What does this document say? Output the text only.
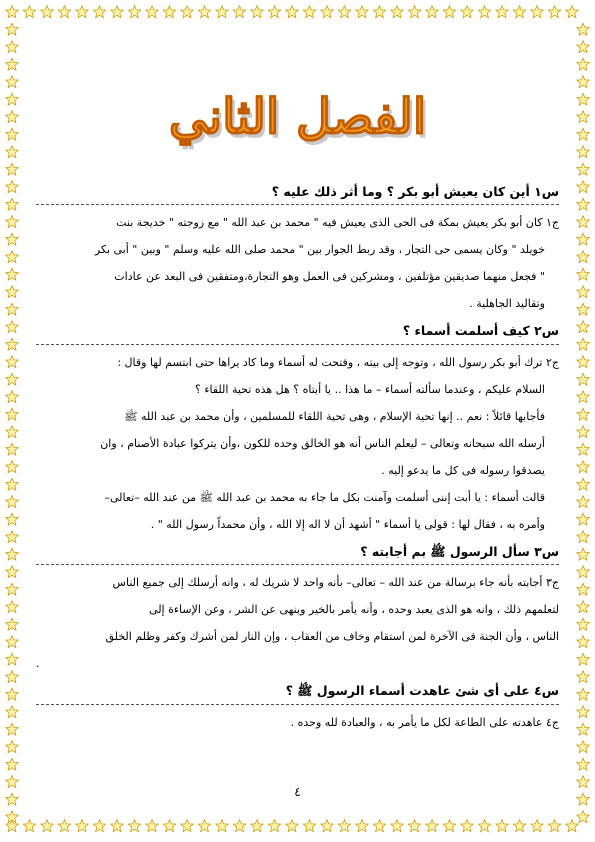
الفصل الثاني
س١ أين كان يعيش أبو بكر ؟ وما أثر ذلك عليه ؟
ج١ كان أبو بكر يعيش بمكة فى الحى الذى يعيش فيه " محمد بن عبد الله " مع زوجته " خديجة بنت
خويلد " وكان يسمى حى التجار ، وقد ربط الجوار بين " محمد صلى الله عليه وسلم " وبين " أبى بكر
" فجعل منهما صديقين مؤتلفين ، ومشركين فى العمل وهو التجارة،ومتفقين فى البعد عن عادات
وتقاليد الجاهلية .
س٢ كيف أسلمت أسماء ؟
ج٢ ترك أبو بكر رسول الله ، وتوجه إلى بيته ، وفتحت له أسماء وما كاد يراها حتى ابتسم لها وقال :
السلام عليكم ، وعندما سألته أسماء – ما هذا .. يا أبتاه ؟ هل هذه تحية اللقاء ؟
فأجابها قائلاً : نعم .. إنها تحية الإسلام ، وهى تحية اللقاء للمسلمين ، وأن محمد بن عبد الله ﷺ
أرسله الله سبحانه وتعالى – ليعلم الناس أنه هو الخالق وحده للكون ،وأن يتركوا عبادة الأصنام ، وان
يصدقوا رسوله فى كل ما يدعو إليه .
قالت أسماء : يا أبت إننى أسلمت وآمنت بكل ما جاء به محمد بن عبد الله ﷺ من عند الله –تعالى–
وأمره به ، فقال لها : قولى يا أسماء " أشهد أن لا اله إلا الله ، وأن محمداً رسول الله " .
س٣ سأل الرسول ﷺ بم أجابته ؟
ج٣ أجابته بأنه جاء برسالة من عند الله – تعالى– بأنه واحد لا شريك له ، وانه أرسلك إلى جميع الناس
لتعلمهم ذلك ، وانه هو الذى يعبد وحده ، وأنه يأمر بالخير وينهى عن الشر ، وعن الإساءة إلى
الناس ، وأن الجنة فى الآخرة لمن استقام وخاف من العقاب ، وإن النار لمن أشرك وكفر وظلم الخلق
.
س٤ على أى شئ عاهدت أسماء الرسول ﷺ ؟
ج٤ عاهدته على الطاعة لكل ما يأمر به ، والعبادة لله وحده .
٤
